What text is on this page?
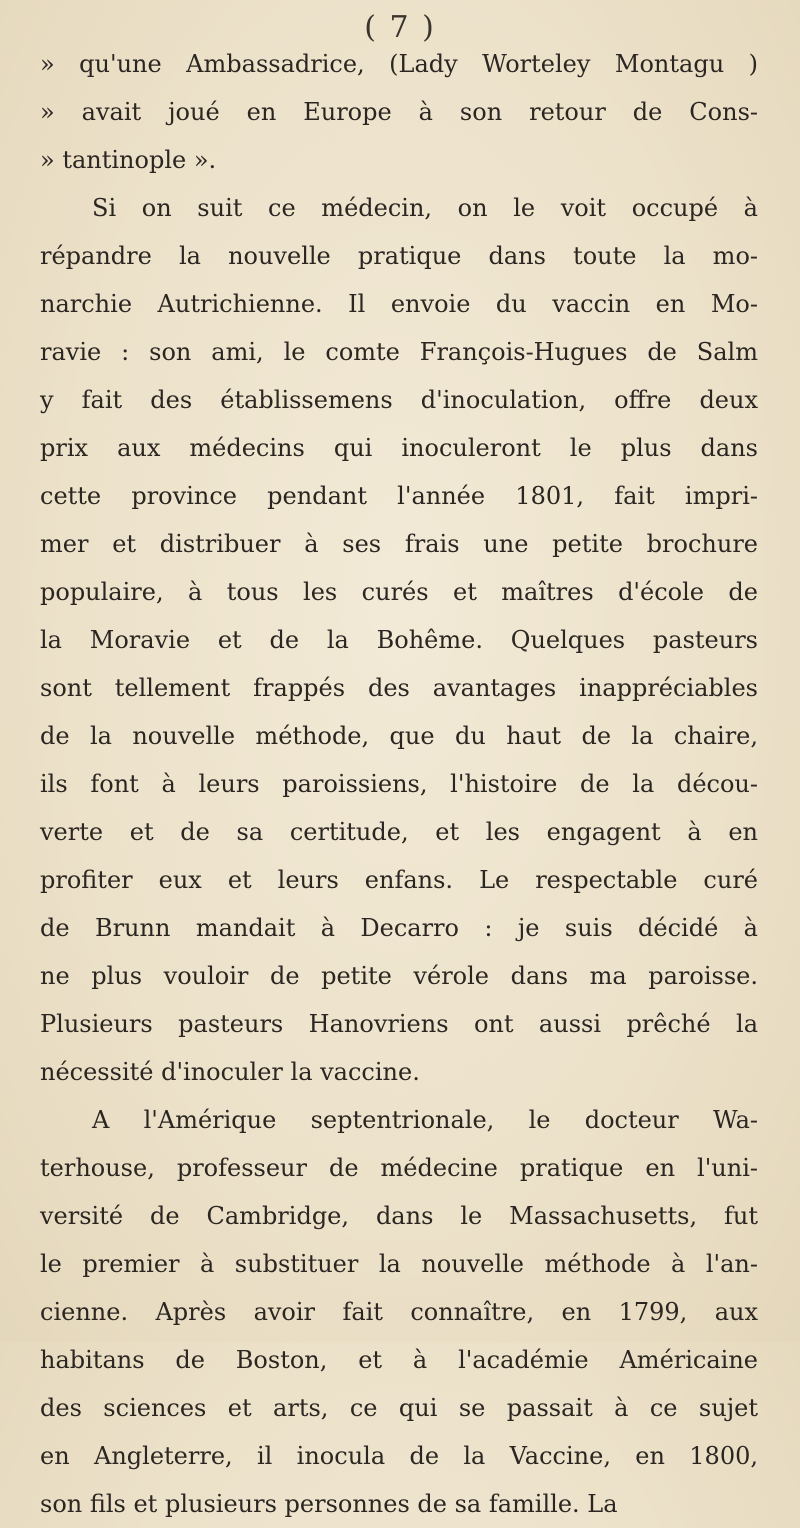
( 7 )
» qu'une Ambassadrice, (Lady Worteley Montagu )
» avait joué en Europe à son retour de Cons-
» tantinople ».
Si on suit ce médecin, on le voit occupé à
répandre la nouvelle pratique dans toute la mo-
narchie Autrichienne. Il envoie du vaccin en Mo-
ravie : son ami, le comte François-Hugues de Salm
y fait des établissemens d'inoculation, offre deux
prix aux médecins qui inoculeront le plus dans
cette province pendant l'année 1801, fait impri-
mer et distribuer à ses frais une petite brochure
populaire, à tous les curés et maîtres d'école de
la Moravie et de la Bohême. Quelques pasteurs
sont tellement frappés des avantages inappréciables
de la nouvelle méthode, que du haut de la chaire,
ils font à leurs paroissiens, l'histoire de la décou-
verte et de sa certitude, et les engagent à en
profiter eux et leurs enfans. Le respectable curé
de Brunn mandait à Decarro : je suis décidé à
ne plus vouloir de petite vérole dans ma paroisse.
Plusieurs pasteurs Hanovriens ont aussi prêché la
nécessité d'inoculer la vaccine.
A l'Amérique septentrionale, le docteur Wa-
terhouse, professeur de médecine pratique en l'uni-
versité de Cambridge, dans le Massachusetts, fut
le premier à substituer la nouvelle méthode à l'an-
cienne. Après avoir fait connaître, en 1799, aux
habitans de Boston, et à l'académie Américaine
des sciences et arts, ce qui se passait à ce sujet
en Angleterre, il inocula de la Vaccine, en 1800,
son fils et plusieurs personnes de sa famille. La
